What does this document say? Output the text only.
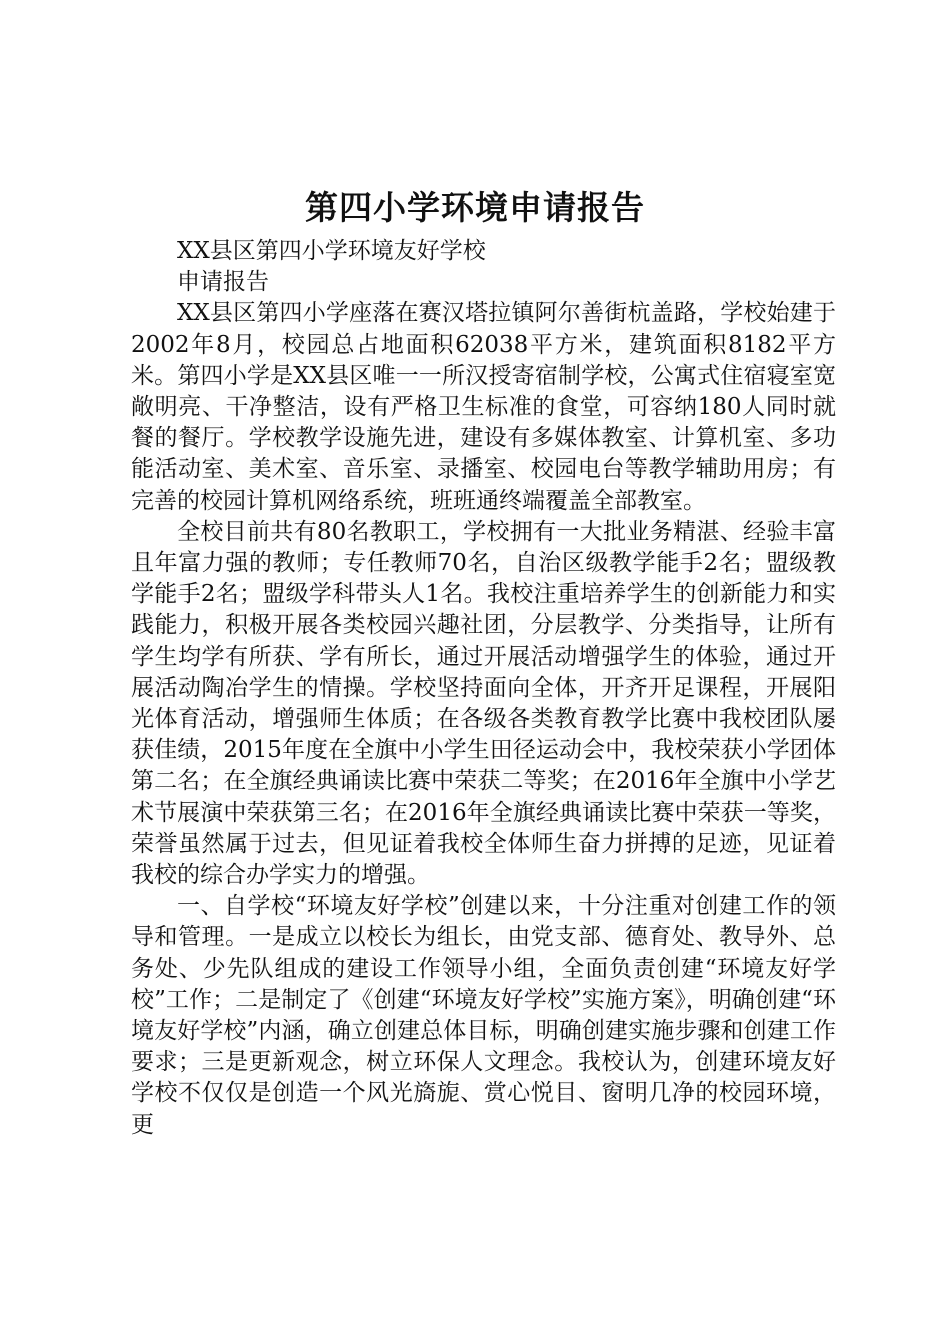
第四小学环境申请报告

XX县区第四小学环境友好学校

申请报告

XX县区第四小学座落在赛汉塔拉镇阿尔善街杭盖路，学校始建于2002年8月，校园总占地面积62038平方米，建筑面积8182平方米。第四小学是XX县区唯一一所汉授寄宿制学校，公寓式住宿寝室宽敞明亮、干净整洁，设有严格卫生标准的食堂，可容纳180人同时就餐的餐厅。学校教学设施先进，建设有多媒体教室、计算机室、多功能活动室、美术室、音乐室、录播室、校园电台等教学辅助用房；有完善的校园计算机网络系统，班班通终端覆盖全部教室。

全校目前共有80名教职工，学校拥有一大批业务精湛、经验丰富且年富力强的教师；专任教师70名，自治区级教学能手2名；盟级教学能手2名；盟级学科带头人1名。我校注重培养学生的创新能力和实践能力，积极开展各类校园兴趣社团，分层教学、分类指导，让所有学生均学有所获、学有所长，通过开展活动增强学生的体验，通过开展活动陶冶学生的情操。学校坚持面向全体，开齐开足课程，开展阳光体育活动，增强师生体质；在各级各类教育教学比赛中我校团队屡获佳绩，2015年度在全旗中小学生田径运动会中，我校荣获小学团体第二名；在全旗经典诵读比赛中荣获二等奖；在2016年全旗中小学艺术节展演中荣获第三名；在2016年全旗经典诵读比赛中荣获一等奖，荣誉虽然属于过去，但见证着我校全体师生奋力拼搏的足迹，见证着我校的综合办学实力的增强。

一、自学校“环境友好学校”创建以来，十分注重对创建工作的领导和管理。一是成立以校长为组长，由党支部、德育处、教导外、总务处、少先队组成的建设工作领导小组，全面负责创建“环境友好学校”工作；二是制定了《创建“环境友好学校”实施方案》，明确创建“环境友好学校”内涵，确立创建总体目标，明确创建实施步骤和创建工作要求；三是更新观念，树立环保人文理念。我校认为，创建环境友好学校不仅仅是创造一个风光旖旎、赏心悦目、窗明几净的校园环境，更
